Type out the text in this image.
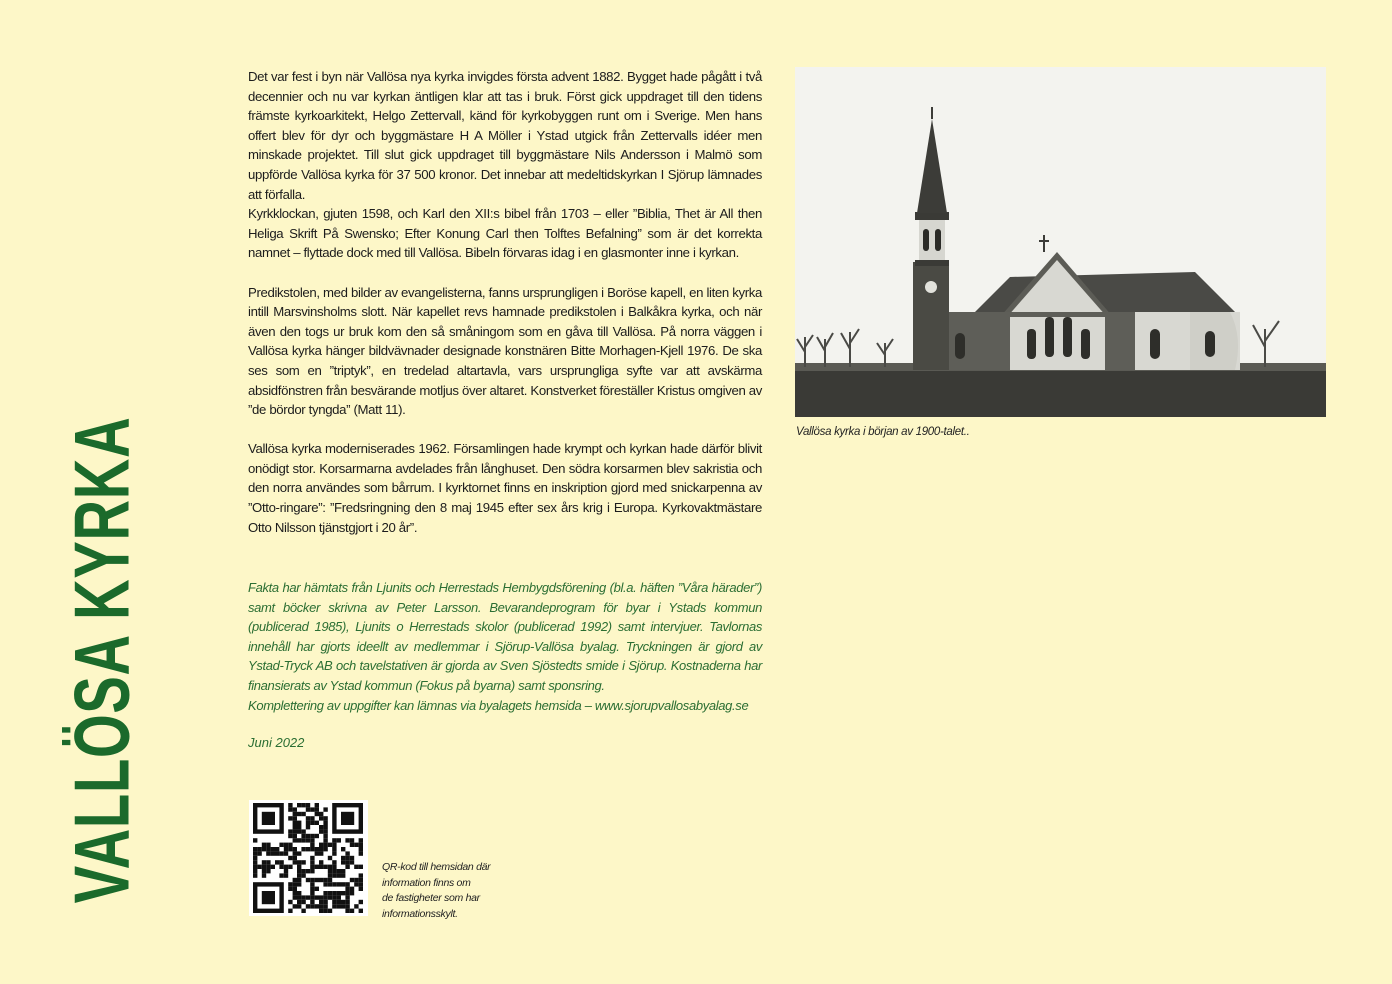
VALLÖSA KYRKA

Det var fest i byn när Vallösa nya kyrka invigdes första advent 1882. Bygget hade pågått i två decennier och nu var kyrkan äntligen klar att tas i bruk. Först gick uppdraget till den tidens främste kyrkoarkitekt, Helgo Zettervall, känd för kyrkobyggen runt om i Sverige. Men hans offert blev för dyr och byggmästare H A Möller i Ystad utgick från Zettervalls idéer men minskade projektet. Till slut gick uppdraget till byggmästare Nils Andersson i Malmö som uppförde Vallösa kyrka för 37 500 kronor. Det innebar att medeltidskyrkan I Sjörup lämnades att förfalla.

Kyrkklockan, gjuten 1598, och Karl den XII:s bibel från 1703 – eller ”Biblia, Thet är All then Heliga Skrift På Swensko; Efter Konung Carl then Tolftes Befalning” som är det korrekta namnet – flyttade dock med till Vallösa. Bibeln förvaras idag i en glasmonter inne i kyrkan.

Predikstolen, med bilder av evangelisterna, fanns ursprungligen i Boröse kapell, en liten kyrka intill Marsvinsholms slott. När kapellet revs hamnade predikstolen i Balkåkra kyrka, och när även den togs ur bruk kom den så småningom som en gåva till Vallösa. På norra väggen i Vallösa kyrka hänger bildvävnader designade konstnären Bitte Morhagen-Kjell 1976. De ska ses som en ”triptyk”, en tredelad altartavla, vars ursprungliga syfte var att avskärma absidfönstren från besvärande motljus över altaret. Konstverket föreställer Kristus omgiven av ”de bördor tyngda” (Matt 11).

Vallösa kyrka moderniserades 1962. Församlingen hade krympt och kyrkan hade därför blivit onödigt stor. Korsarmarna avdelades från långhuset. Den södra korsarmen blev sakristia och den norra användes som bårrum. I kyrktornet finns en inskription gjord med snickarpenna av ”Otto-ringare”: ”Fredsringning den 8 maj 1945 efter sex års krig i Europa. Kyrkovaktmästare Otto Nilsson tjänstgjort i 20 år”.

Fakta har hämtats från Ljunits och Herrestads Hembygdsförening (bl.a. häften ”Våra härader”) samt böcker skrivna av Peter Larsson. Bevarandeprogram för byar i Ystads kommun (publicerad 1985), Ljunits o Herrestads skolor (publicerad 1992) samt intervjuer. Tavlornas innehåll har gjorts ideellt av medlemmar i Sjörup-Vallösa byalag. Tryckningen är gjord av Ystad-Tryck AB och tavelstativen är gjorda av Sven Sjöstedts smide i Sjörup. Kostnaderna har finansierats av Ystad kommun (Fokus på byarna) samt sponsring.

Komplettering av uppgifter kan lämnas via byalagets hemsida – www.sjorupvallosabyalag.se

Juni 2022
Vallösa kyrka i början av 1900-talet..
QR-kod till hemsidan där
information finns om
de fastigheter som har
informationsskylt.
